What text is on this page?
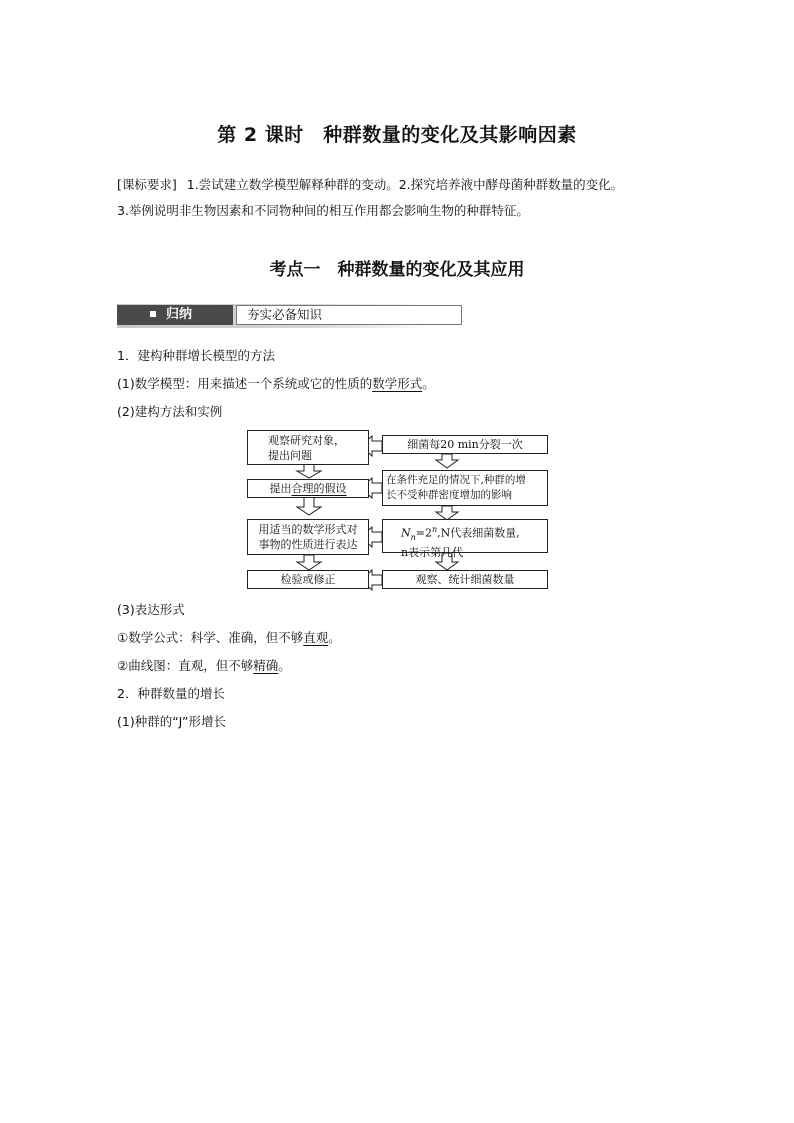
第 2 课时　种群数量的变化及其影响因素
[课标要求] 1.尝试建立数学模型解释种群的变动。2.探究培养液中酵母菌种群数量的变化。
3.举例说明非生物因素和不同物种间的相互作用都会影响生物的种群特征。
考点一　种群数量的变化及其应用
归纳	夯实必备知识
1．建构种群增长模型的方法
(1)数学模型：用来描述一个系统或它的性质的数学形式。
(2)建构方法和实例
观察研究对象，
提出问题
提出合理的假设
用适当的数学形式对
事物的性质进行表达
检验或修正
细菌每20 min分裂一次
在条件充足的情况下,种群的增
长不受种群密度增加的影响
$N_n=2^n,N$代表细菌数量,
n表示第几代
观察、统计细菌数量
(3)表达形式
①数学公式：科学、准确，但不够直观。
②曲线图：直观，但不够精确。
2．种群数量的增长
(1)种群的“J”形增长
